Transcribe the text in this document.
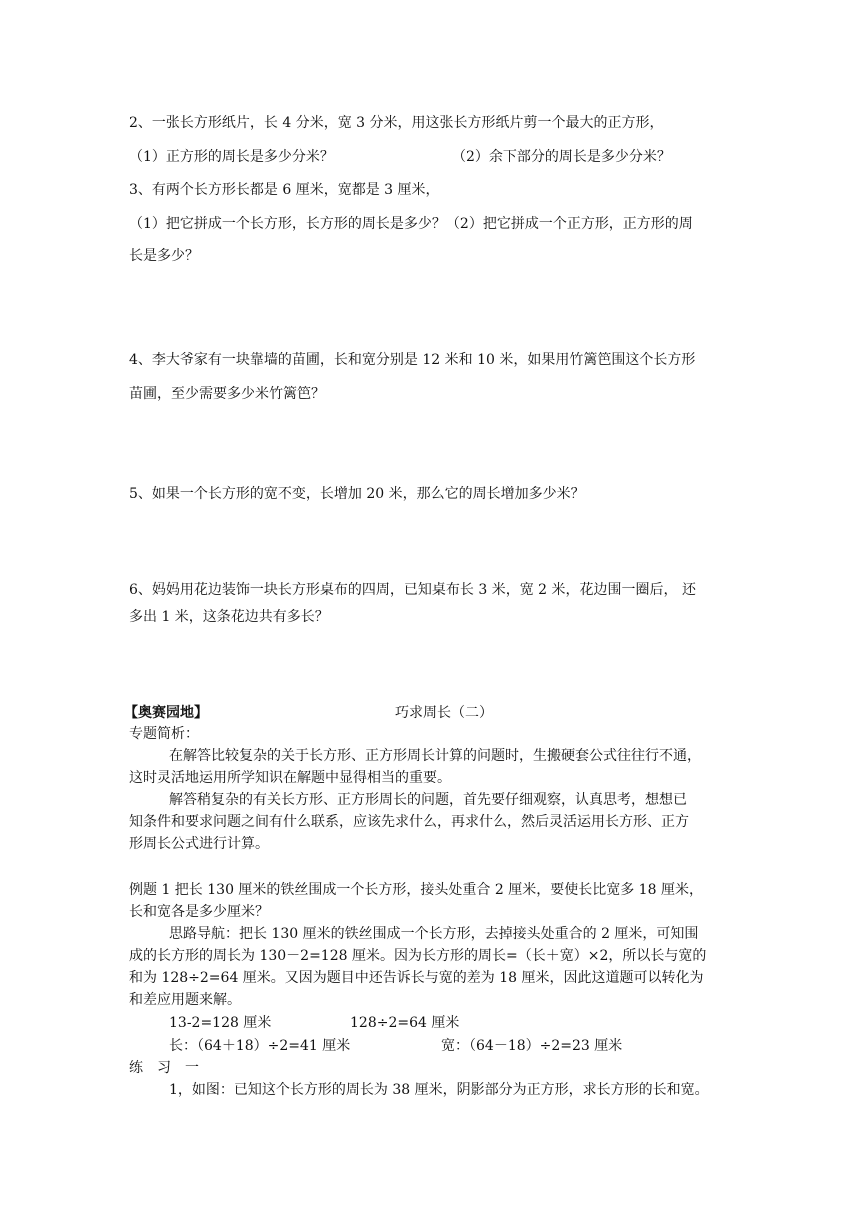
2、一张长方形纸片，长 4 分米，宽 3 分米，用这张长方形纸片剪一个最大的正方形，
（1）正方形的周长是多少分米？	（2）余下部分的周长是多少分米？
3、有两个长方形长都是 6 厘米，宽都是 3 厘米，
（1）把它拼成一个长方形，长方形的周长是多少？（2）把它拼成一个正方形，正方形的周
长是多少？
4、李大爷家有一块靠墙的苗圃，长和宽分别是 12 米和 10 米，如果用竹篱笆围这个长方形
苗圃，至少需要多少米竹篱笆？
5、如果一个长方形的宽不变，长增加 20 米，那么它的周长增加多少米？
6、妈妈用花边装饰一块长方形桌布的四周，已知桌布长 3 米，宽 2 米，花边围一圈后， 还
多出 1 米，这条花边共有多长？
【奥赛园地】	巧求周长（二）
专题简析：
在解答比较复杂的关于长方形、正方形周长计算的问题时，生搬硬套公式往往行不通，
这时灵活地运用所学知识在解题中显得相当的重要。
解答稍复杂的有关长方形、正方形周长的问题，首先要仔细观察，认真思考，想想已
知条件和要求问题之间有什么联系，应该先求什么，再求什么，然后灵活运用长方形、正方
形周长公式进行计算。
例题 1 把长 130 厘米的铁丝围成一个长方形，接头处重合 2 厘米，要使长比宽多 18 厘米，
长和宽各是多少厘米？
思路导航：把长 130 厘米的铁丝围成一个长方形，去掉接头处重合的 2 厘米，可知围
成的长方形的周长为 130－2=128 厘米。因为长方形的周长=（长＋宽）×2，所以长与宽的
和为 128÷2=64 厘米。又因为题目中还告诉长与宽的差为 18 厘米，因此这道题可以转化为
和差应用题来解。
13-2=128 厘米	128÷2=64 厘米
长：（64＋18）÷2=41 厘米	宽：（64－18）÷2=23 厘米
练　习　一
1，如图：已知这个长方形的周长为 38 厘米，阴影部分为正方形，求长方形的长和宽。
